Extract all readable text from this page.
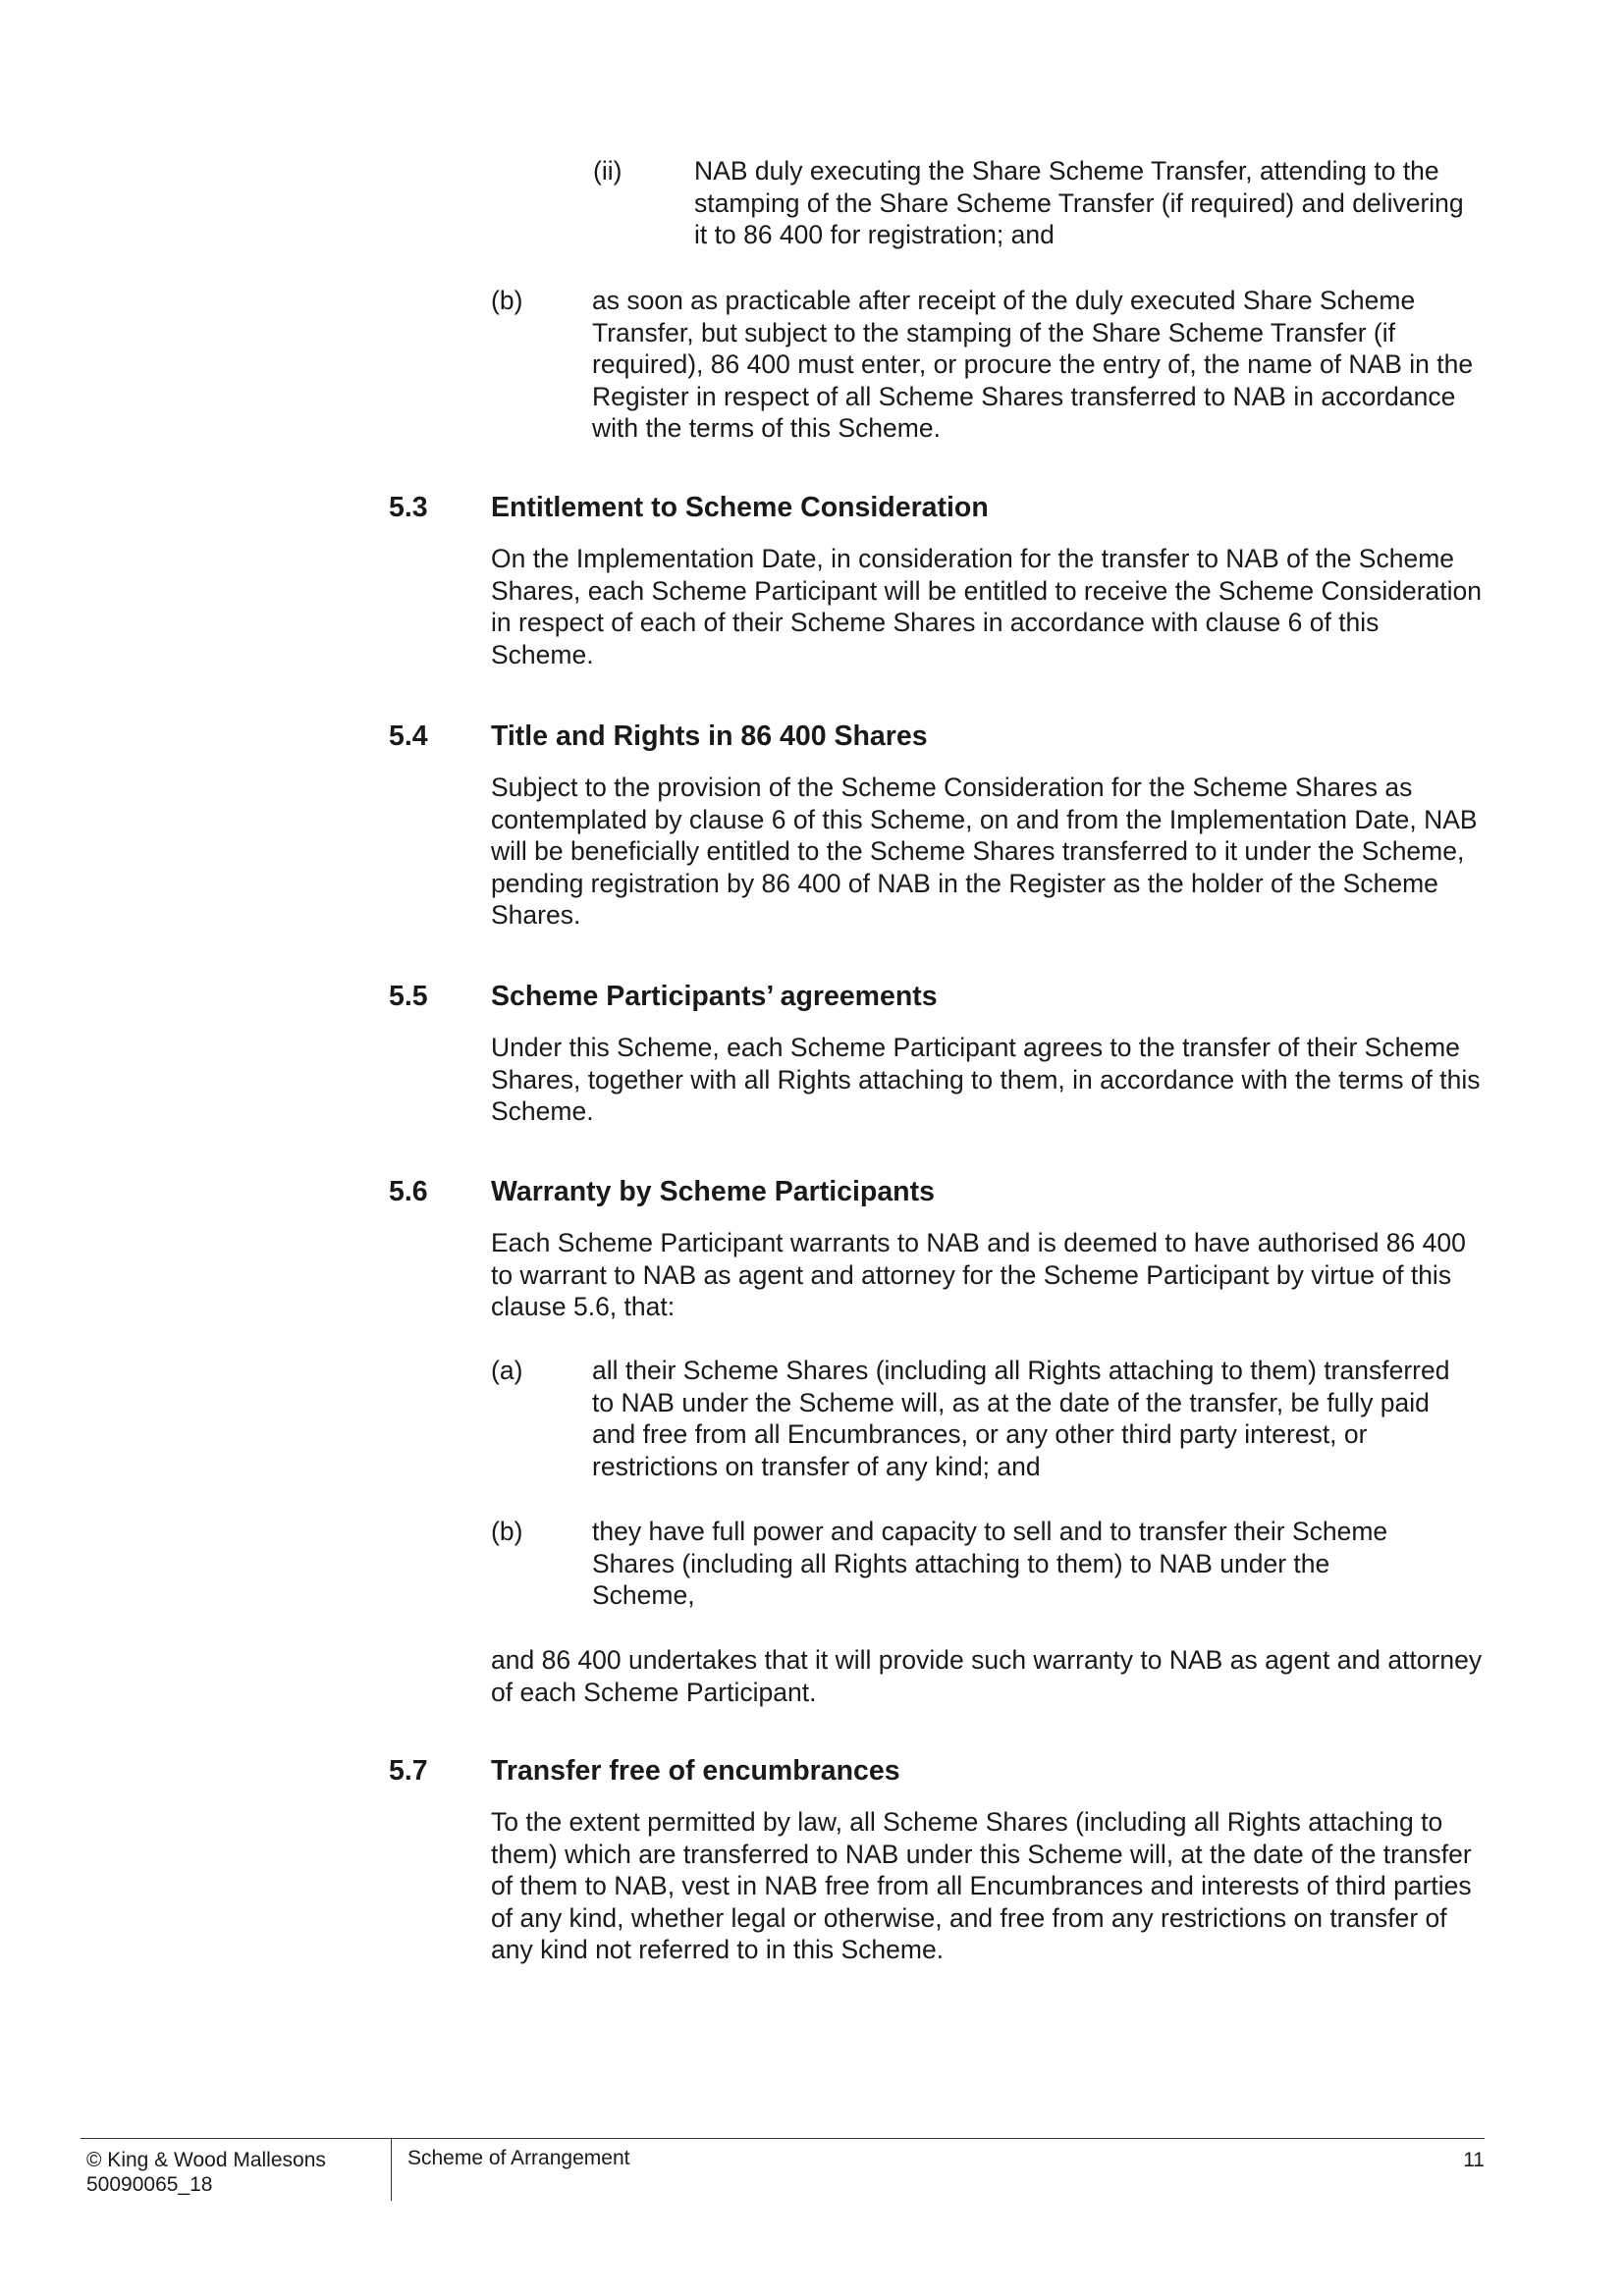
(ii)	NAB duly executing the Share Scheme Transfer, attending to the stamping of the Share Scheme Transfer (if required) and delivering it to 86 400 for registration; and
(b)	as soon as practicable after receipt of the duly executed Share Scheme Transfer, but subject to the stamping of the Share Scheme Transfer (if required), 86 400 must enter, or procure the entry of, the name of NAB in the Register in respect of all Scheme Shares transferred to NAB in accordance with the terms of this Scheme.
5.3 Entitlement to Scheme Consideration
On the Implementation Date, in consideration for the transfer to NAB of the Scheme Shares, each Scheme Participant will be entitled to receive the Scheme Consideration in respect of each of their Scheme Shares in accordance with clause 6 of this Scheme.
5.4 Title and Rights in 86 400 Shares
Subject to the provision of the Scheme Consideration for the Scheme Shares as contemplated by clause 6 of this Scheme, on and from the Implementation Date, NAB will be beneficially entitled to the Scheme Shares transferred to it under the Scheme, pending registration by 86 400 of NAB in the Register as the holder of the Scheme Shares.
5.5 Scheme Participants’ agreements
Under this Scheme, each Scheme Participant agrees to the transfer of their Scheme Shares, together with all Rights attaching to them, in accordance with the terms of this Scheme.
5.6 Warranty by Scheme Participants
Each Scheme Participant warrants to NAB and is deemed to have authorised 86 400 to warrant to NAB as agent and attorney for the Scheme Participant by virtue of this clause 5.6, that:
(a)	all their Scheme Shares (including all Rights attaching to them) transferred to NAB under the Scheme will, as at the date of the transfer, be fully paid and free from all Encumbrances, or any other third party interest, or restrictions on transfer of any kind; and
(b)	they have full power and capacity to sell and to transfer their Scheme Shares (including all Rights attaching to them) to NAB under the Scheme,
and 86 400 undertakes that it will provide such warranty to NAB as agent and attorney of each Scheme Participant.
5.7 Transfer free of encumbrances
To the extent permitted by law, all Scheme Shares (including all Rights attaching to them) which are transferred to NAB under this Scheme will, at the date of the transfer of them to NAB, vest in NAB free from all Encumbrances and interests of third parties of any kind, whether legal or otherwise, and free from any restrictions on transfer of any kind not referred to in this Scheme.
© King & Wood Mallesons
50090065_18
Scheme of Arrangement	11
